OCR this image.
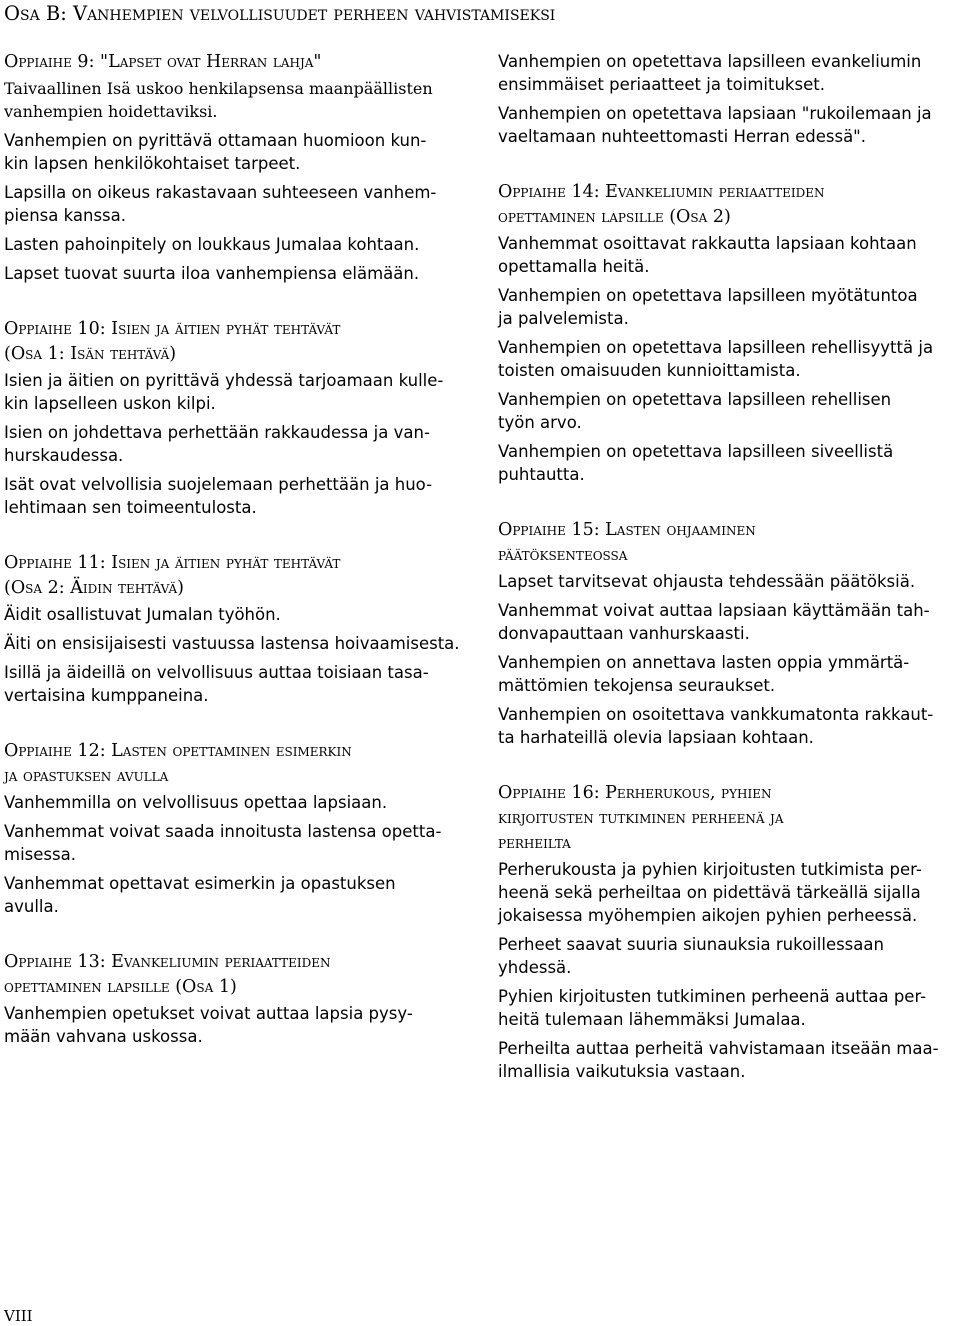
Osa B: Vanhempien velvollisuudet perheen vahvistamiseksi
Oppiaihe 9: "Lapset ovat Herran lahja"

Taivaallinen Isä uskoo henkilapsensa maanpäällisten
vanhempien hoidettaviksi.

Vanhempien on pyrittävä ottamaan huomioon kun-
kin lapsen henkilökohtaiset tarpeet.

Lapsilla on oikeus rakastavaan suhteeseen vanhem-
piensa kanssa.

Lasten pahoinpitely on loukkaus Jumalaa kohtaan.

Lapset tuovat suurta iloa vanhempiensa elämään.

Oppiaihe 10: Isien ja äitien pyhät tehtävät
(Osa 1: Isän tehtävä)

Isien ja äitien on pyrittävä yhdessä tarjoamaan kulle-
kin lapselleen uskon kilpi.

Isien on johdettava perhettään rakkaudessa ja van-
hurskaudessa.

Isät ovat velvollisia suojelemaan perhettään ja huo-
lehtimaan sen toimeentulosta.

Oppiaihe 11: Isien ja äitien pyhät tehtävät
(Osa 2: Äidin tehtävä)

Äidit osallistuvat Jumalan työhön.

Äiti on ensisijaisesti vastuussa lastensa hoivaamisesta.

Isillä ja äideillä on velvollisuus auttaa toisiaan tasa-
vertaisina kumppaneina.

Oppiaihe 12: Lasten opettaminen esimerkin
ja opastuksen avulla

Vanhemmilla on velvollisuus opettaa lapsiaan.

Vanhemmat voivat saada innoitusta lastensa opetta-
misessa.

Vanhemmat opettavat esimerkin ja opastuksen
avulla.

Oppiaihe 13: Evankeliumin periaatteiden
opettaminen lapsille (Osa 1)

Vanhempien opetukset voivat auttaa lapsia pysy-
mään vahvana uskossa.

Vanhempien on opetettava lapsilleen evankeliumin
ensimmäiset periaatteet ja toimitukset.

Vanhempien on opetettava lapsiaan "rukoilemaan ja
vaeltamaan nuhteettomasti Herran edessä".

Oppiaihe 14: Evankeliumin periaatteiden
opettaminen lapsille (Osa 2)

Vanhemmat osoittavat rakkautta lapsiaan kohtaan
opettamalla heitä.

Vanhempien on opetettava lapsilleen myötätuntoa
ja palvelemista.

Vanhempien on opetettava lapsilleen rehellisyyttä ja
toisten omaisuuden kunnioittamista.

Vanhempien on opetettava lapsilleen rehellisen
työn arvo.

Vanhempien on opetettava lapsilleen siveellistä
puhtautta.

Oppiaihe 15: Lasten ohjaaminen
päätöksenteossa

Lapset tarvitsevat ohjausta tehdessään päätöksiä.

Vanhemmat voivat auttaa lapsiaan käyttämään tah-
donvapauttaan vanhurskaasti.

Vanhempien on annettava lasten oppia ymmärtä-
mättömien tekojensa seuraukset.

Vanhempien on osoitettava vankkumatonta rakkaut-
ta harhateillä olevia lapsiaan kohtaan.

Oppiaihe 16: Perherukous, pyhien
kirjoitusten tutkiminen perheenä ja
perheilta

Perherukousta ja pyhien kirjoitusten tutkimista per-
heenä sekä perheiltaa on pidettävä tärkeällä sijalla
jokaisessa myöhempien aikojen pyhien perheessä.

Perheet saavat suuria siunauksia rukoillessaan
yhdessä.

Pyhien kirjoitusten tutkiminen perheenä auttaa per-
heitä tulemaan lähemmäksi Jumalaa.

Perheilta auttaa perheitä vahvistamaan itseään maa-
ilmallisia vaikutuksia vastaan.

VIII
